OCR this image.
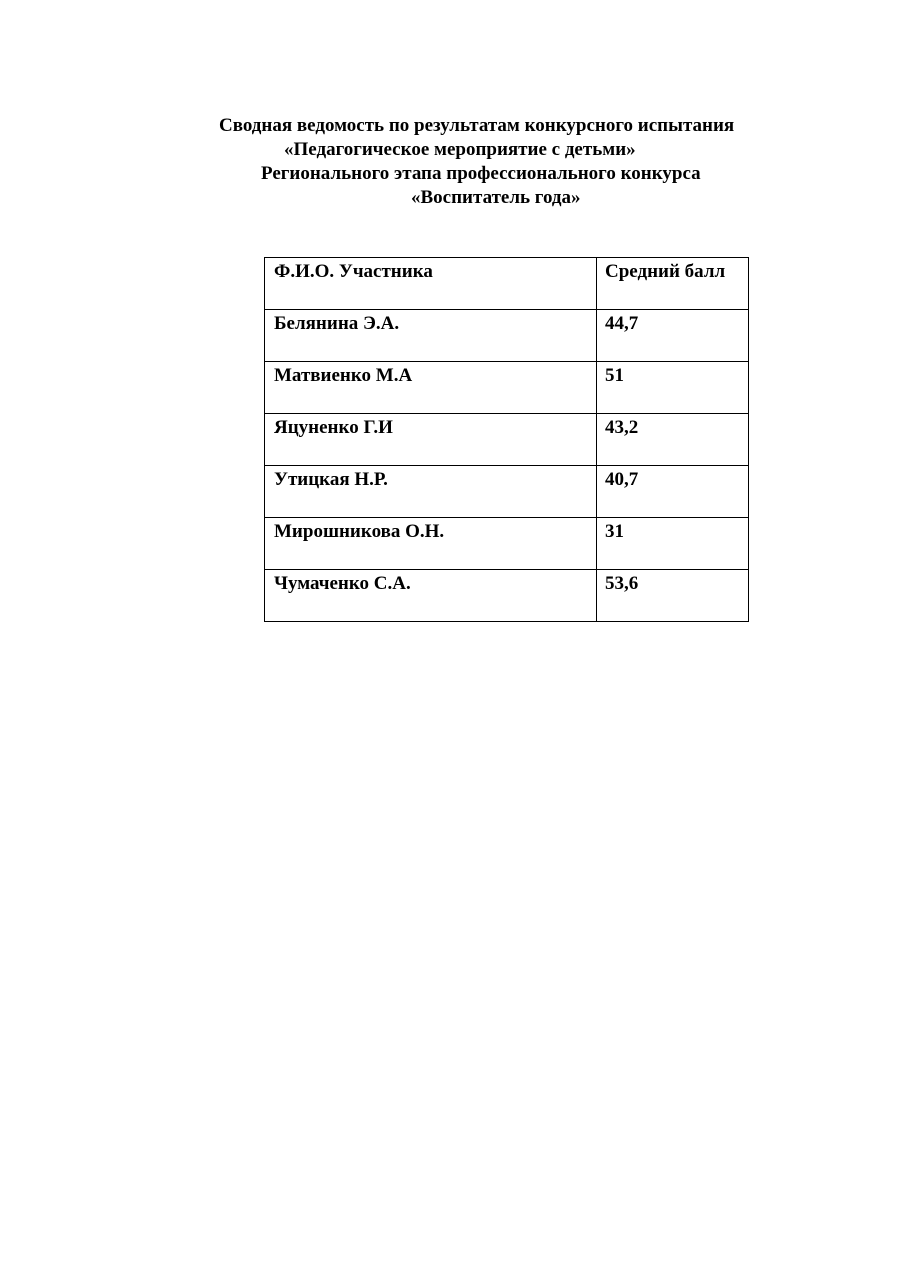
Сводная ведомость по результатам конкурсного испытания
«Педагогическое мероприятие с детьми»
Регионального этапа профессионального конкурса
«Воспитатель года»
Ф.И.О. Участника	Средний балл
Белянина Э.А.	44,7
Матвиенко М.А	51
Яцуненко Г.И	43,2
Утицкая Н.Р.	40,7
Мирошникова О.Н.	31
Чумаченко С.А.	53,6
